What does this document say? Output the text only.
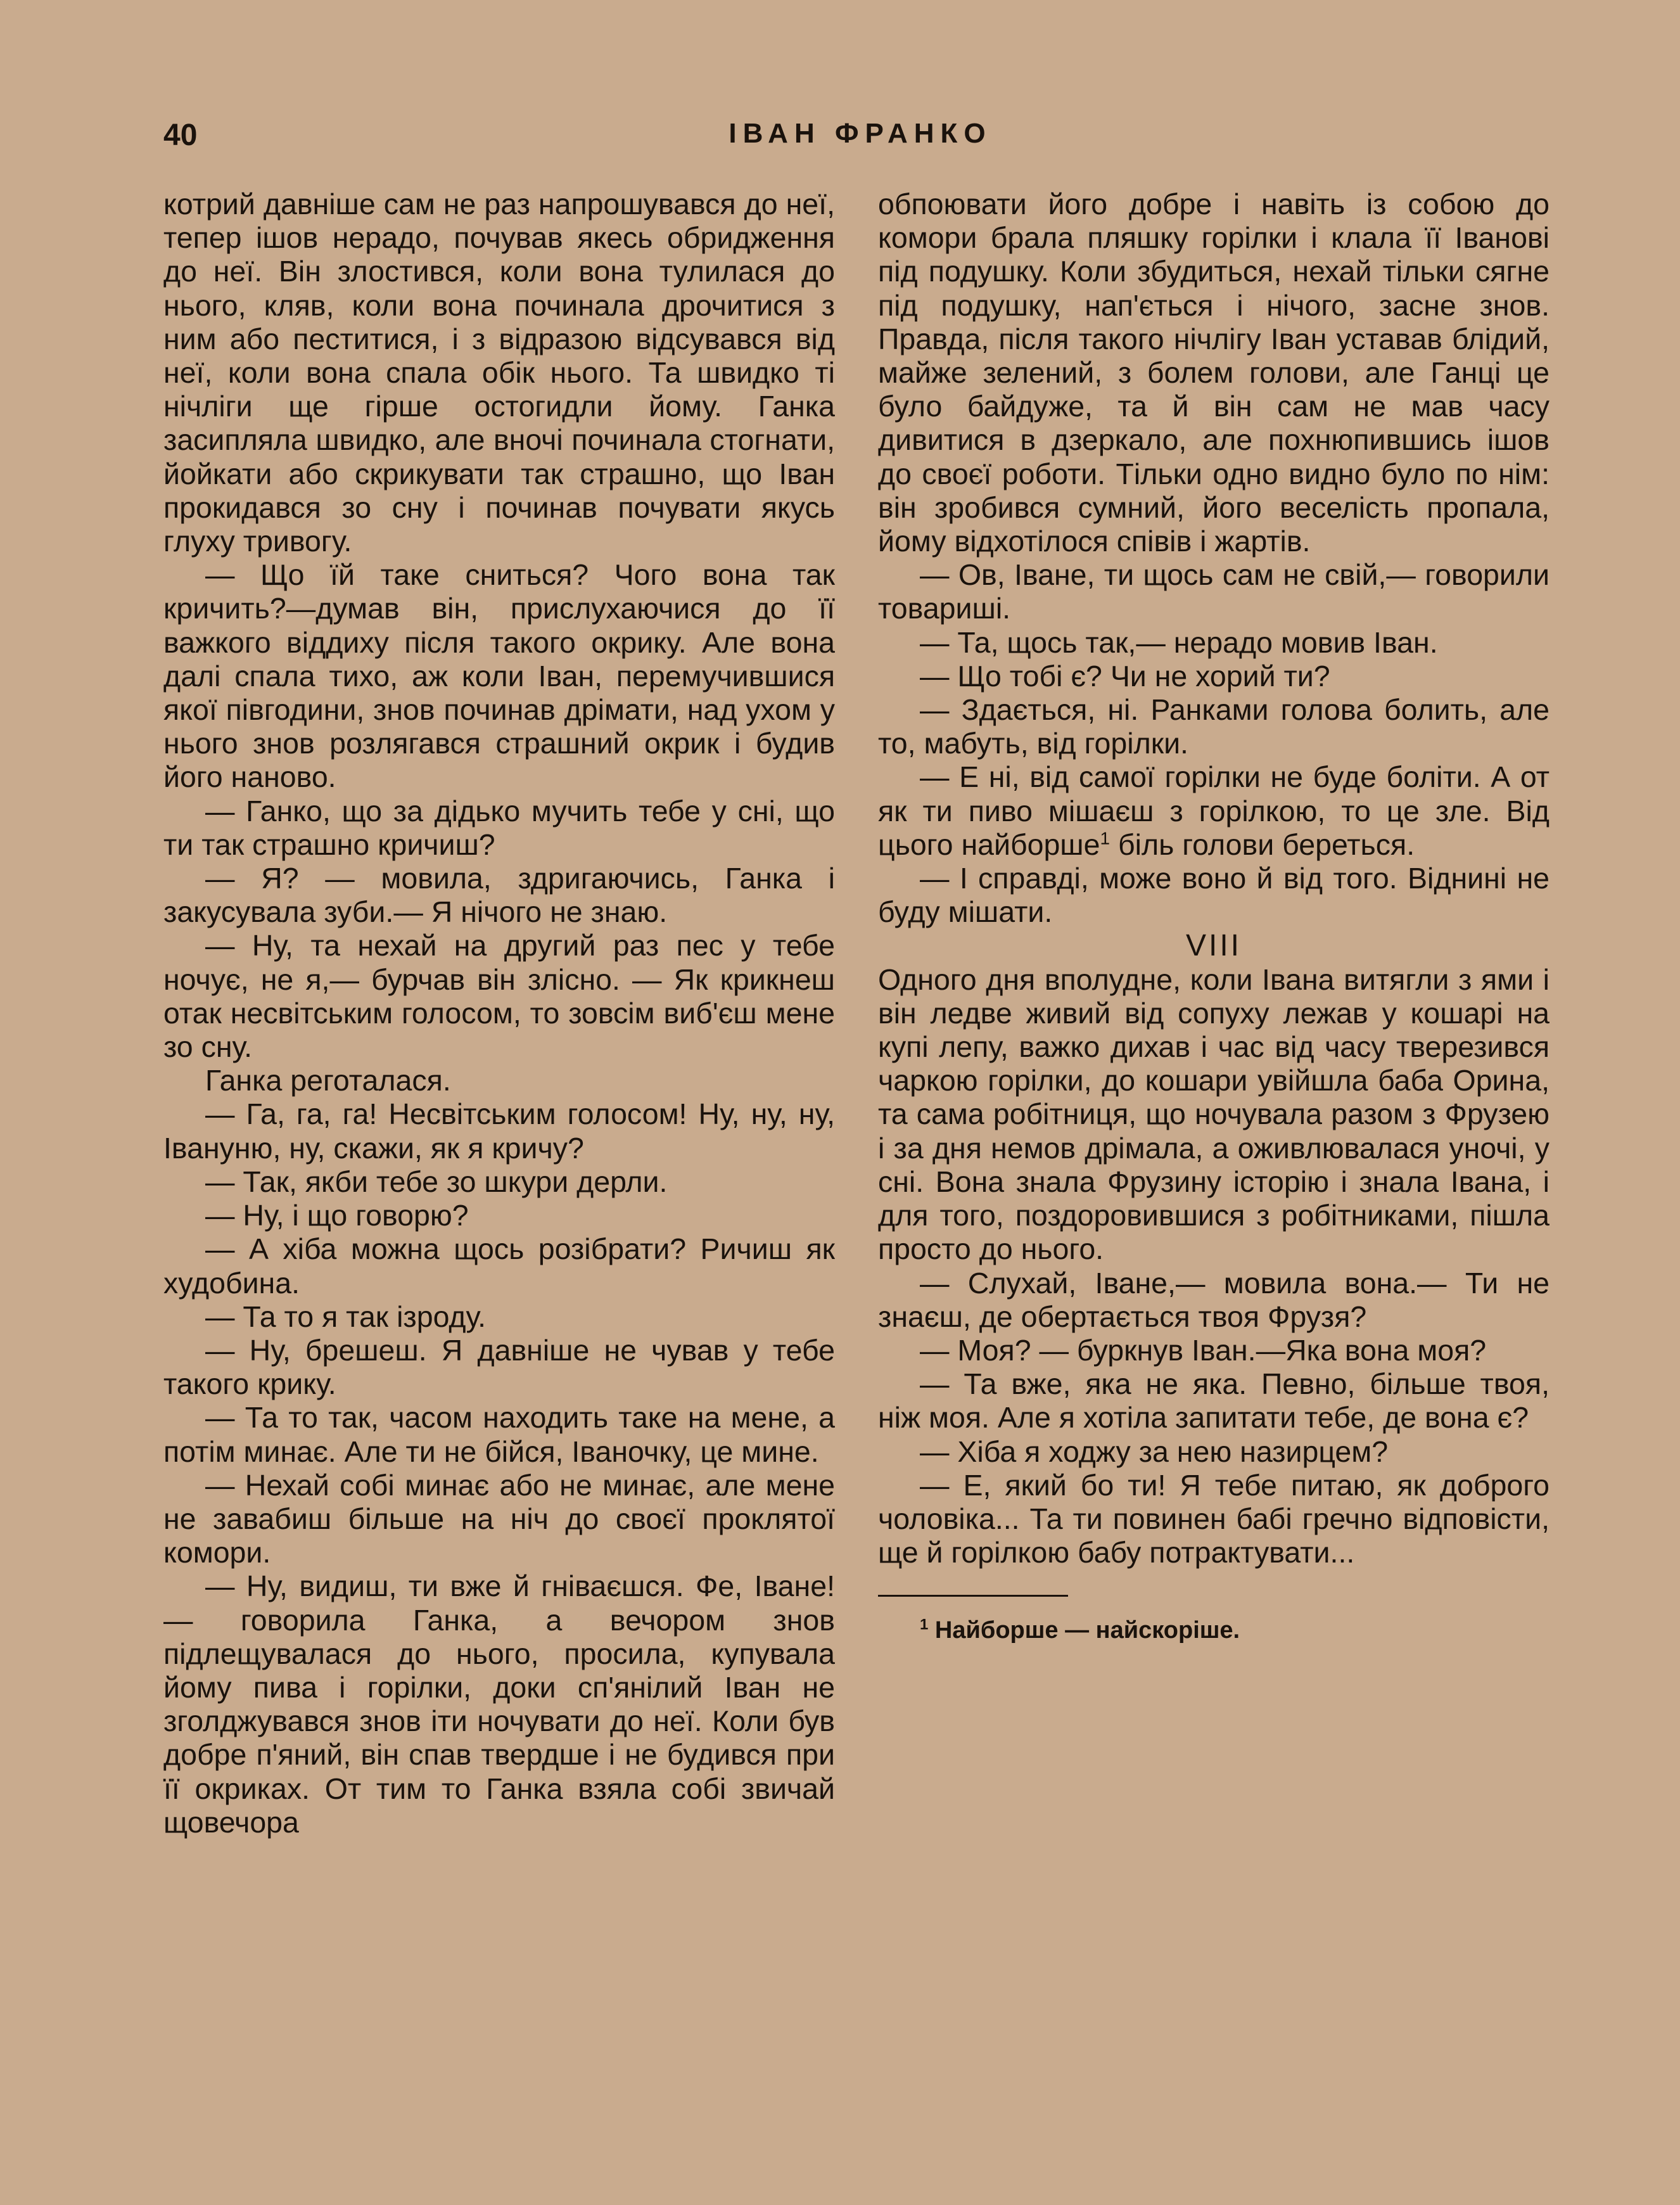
40	ІВАН ФРАНКО

котрий давніше сам не раз напрошувався до неї, тепер ішов нерадо, почував якесь обридження до неї. Він злостився, коли вона тулилася до нього, кляв, коли вона починала дрочитися з ним або пеститися, і з відразою відсувався від неї, коли вона спала обік нього. Та швидко ті нічліги ще гірше остогидли йому. Ганка засипляла швидко, але вночі починала стогнати, йойкати або скрикувати так страшно, що Іван прокидався зо сну і починав почувати якусь глуху тривогу.

— Що їй таке сниться? Чого вона так кричить?—думав він, прислухаючися до її важкого віддиху після такого окрику. Але вона далі спала тихо, аж коли Іван, перемучившися якої півгодини, знов починав дрімати, над ухом у нього знов розлягався страшний окрик і будив його наново.

— Ганко, що за дідько мучить тебе у сні, що ти так страшно кричиш?

— Я? — мовила, здригаючись, Ганка і закусувала зуби.— Я нічого не знаю.

— Ну, та нехай на другий раз пес у тебе ночує, не я,— бурчав він злісно. — Як крикнеш отак несвітським голосом, то зовсім виб'єш мене зо сну.

Ганка реготалася.

— Га, га, га! Несвітським голосом! Ну, ну, ну, Івануню, ну, скажи, як я кричу?

— Так, якби тебе зо шкури дерли.

— Ну, і що говорю?

— А хіба можна щось розібрати? Ричиш як худобина.

— Та то я так ізроду.

— Ну, брешеш. Я давніше не чував у тебе такого крику.

— Та то так, часом находить таке на мене, а потім минає. Але ти не бійся, Іваночку, це мине.

— Нехай собі минає або не минає, але мене не завабиш більше на ніч до своєї проклятої комори.

— Ну, видиш, ти вже й гніваєшся. Фе, Іване! — говорила Ганка, а вечором знов підлещувалася до нього, просила, купувала йому пива і горілки, доки сп'янілий Іван не зголджувався знов іти ночувати до неї. Коли був добре п'яний, він спав твердше і не будився при її окриках. От тим то Ганка взяла собі звичай щовечора

обпоювати його добре і навіть із собою до комори брала пляшку горілки і клала її Іванові під подушку. Коли збудиться, нехай тільки сягне під подушку, нап'ється і нічого, засне знов. Правда, після такого нічлігу Іван уставав блідий, майже зелений, з болем голови, але Ганці це було байдуже, та й він сам не мав часу дивитися в дзеркало, але похнюпившись ішов до своєї роботи. Тільки одно видно було по нім: він зробився сумний, його веселість пропала, йому відхотілося співів і жартів.

— Ов, Іване, ти щось сам не свій,— говорили товариші.

— Та, щось так,— нерадо мовив Іван.

— Що тобі є? Чи не хорий ти?

— Здається, ні. Ранками голова болить, але то, мабуть, від горілки.

— Е ні, від самої горілки не буде боліти. А от як ти пиво мішаєш з горілкою, то це зле. Від цього найборше$^1$ біль голови береться.

— І справді, може воно й від того. Віднині не буду мішати.

VIII

Одного дня вполудне, коли Івана витягли з ями і він ледве живий від сопуху лежав у кошарі на купі лепу, важко дихав і час від часу тверезився чаркою горілки, до кошари увійшла баба Орина, та сама робітниця, що ночувала разом з Фрузею і за дня немов дрімала, а оживлювалася уночі, у сні. Вона знала Фрузину історію і знала Івана, і для того, поздоровившися з робітниками, пішла просто до нього.

— Слухай, Іване,— мовила вона.— Ти не знаєш, де обертається твоя Фрузя?

— Моя? — буркнув Іван.—Яка вона моя?

— Та вже, яка не яка. Певно, більше твоя, ніж моя. Але я хотіла запитати тебе, де вона є?

— Хіба я ходжу за нею назирцем?

— Е, який бо ти! Я тебе питаю, як доброго чоловіка... Та ти повинен бабі гречно відповісти, ще й горілкою бабу потрактувати...

$^1$ Найборше — найскоріше.
